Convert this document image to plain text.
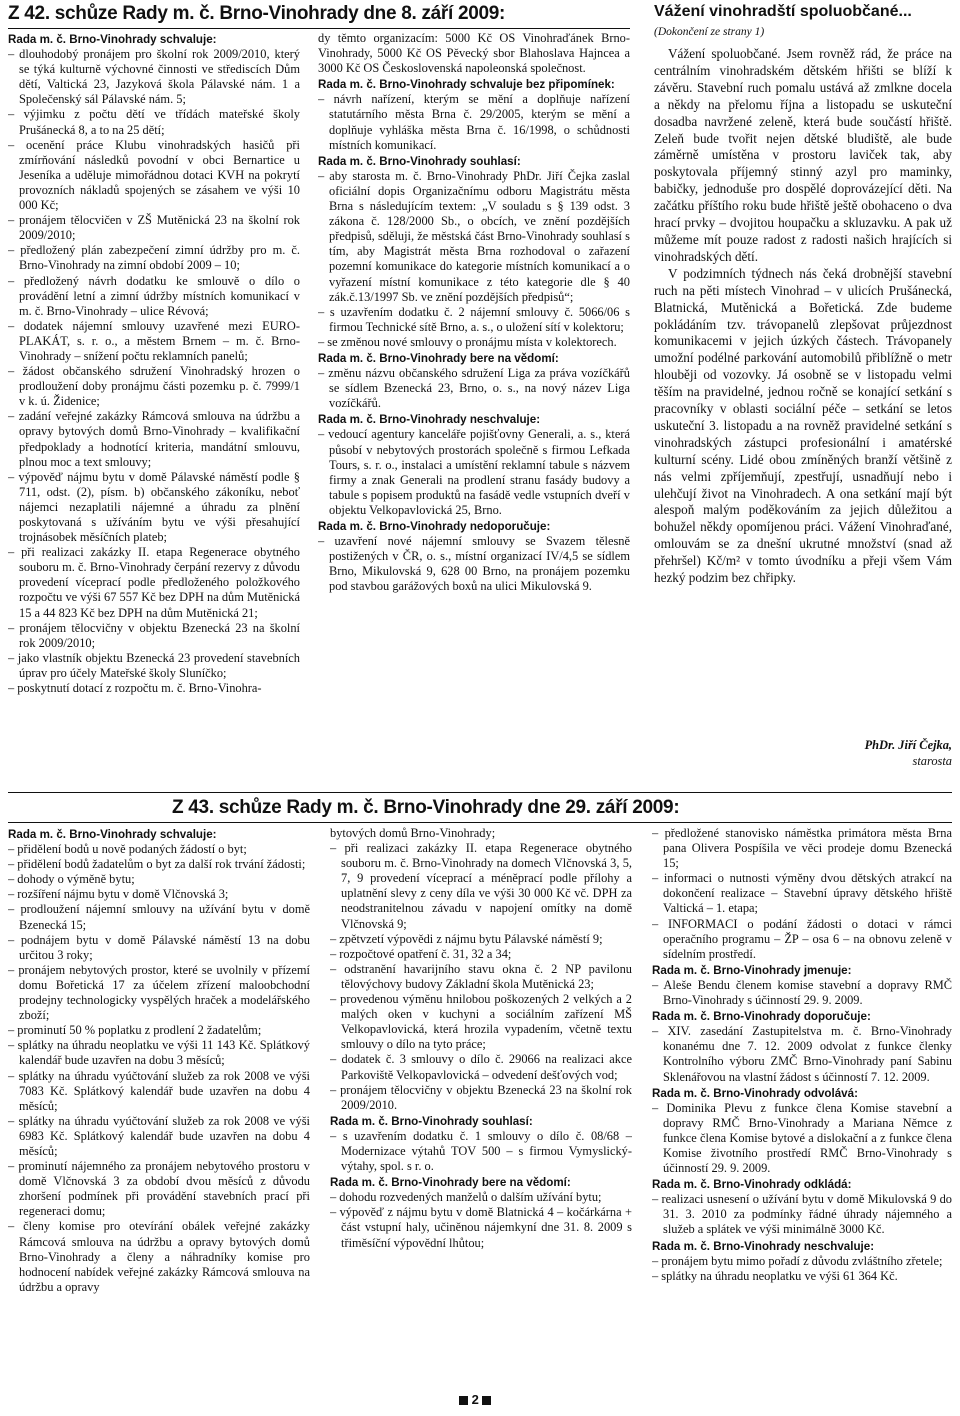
Z 42. schůze Rady m. č. Brno-Vinohrady dne 8. září 2009:

Rada m. č. Brno-Vinohrady schvaluje:

– dlouhodobý pronájem pro školní rok 2009/2010, který se týká kulturně výchovné činnosti ve střediscích Dům dětí, Valtická 23, Jazyková škola Pálavské nám. 1 a Společenský sál Pálavské nám. 5;

– výjimku z počtu dětí ve třídách mateřské školy Prušánecká 8, a to na 25 dětí;

– ocenění práce Klubu vinohradských hasičů při zmírňování následků povodní v obci Bernartice u Jeseníka a uděluje mimořádnou dotaci KVH na pokrytí provozních nákladů spojených se zásahem ve výši 10 000 Kč;

– pronájem tělocvičen v ZŠ Mutěnická 23 na školní rok 2009/2010;

– předložený plán zabezpečení zimní údržby pro m. č. Brno-Vinohrady na zimní období 2009 – 10;

– předložený návrh dodatku ke smlouvě o dílo o provádění letní a zimní údržby místních komunikací v m. č. Brno-Vinohrady – ulice Révová;

– dodatek nájemní smlouvy uzavřené mezi EURO-PLAKÁT, s. r. o., a městem Brnem – m. č. Brno-Vinohrady – snížení počtu reklamních panelů;

– žádost občanského sdružení Vinohradský hrozen o prodloužení doby pronájmu části pozemku p. č. 7999/1 v k. ú. Židenice;

– zadání veřejné zakázky Rámcová smlouva na údržbu a opravy bytových domů Brno-Vinohrady – kvalifikační předpoklady a hodnotící kriteria, mandátní smlouvu, plnou moc a text smlouvy;

– výpověď nájmu bytu v domě Pálavské náměstí podle § 711, odst. (2), písm. b) občanského zákoníku, neboť nájemci nezaplatili nájemné a úhradu za plnění poskytovaná s užíváním bytu ve výši přesahující trojnásobek měsíčních plateb;

– při realizaci zakázky II. etapa Regenerace obytného souboru m. č. Brno-Vinohrady čerpání rezervy z důvodu provedení víceprací podle předloženého položkového rozpočtu ve výši 67 557 Kč bez DPH na dům Mutěnická 15 a 44 823 Kč bez DPH na dům Mutěnická 21;

– pronájem tělocvičny v objektu Bzenecká 23 na školní rok 2009/2010;

– jako vlastník objektu Bzenecká 23 provedení stavebních úprav pro účely Mateřské školy Sluníčko;

– poskytnutí dotací z rozpočtu m. č. Brno-Vinohra-

dy těmto organizacím: 5000 Kč OS Vinohraďánek Brno-Vinohrady, 5000 Kč OS Pěvecký sbor Blahoslava Hajncea a 3000 Kč OS Československá napoleonská společnost.

Rada m. č. Brno-Vinohrady schvaluje bez připomínek:

– návrh nařízení, kterým se mění a doplňuje nařízení statutárního města Brna č. 29/2005, kterým se mění a doplňuje vyhláška města Brna č. 16/1998, o schůdnosti místních komunikací.

Rada m. č. Brno-Vinohrady souhlasí:

– aby starosta m. č. Brno-Vinohrady PhDr. Jiří Čejka zaslal oficiální dopis Organizačnímu odboru Magistrátu města Brna s následujícím textem: „V souladu s § 139 odst. 3 zákona č. 128/2000 Sb., o obcích, ve znění pozdějších předpisů, sděluji, že městská část Brno-Vinohrady souhlasí s tím, aby Magistrát města Brna rozhodoval o zařazení pozemní komunikace do kategorie místních komunikací a o vyřazení místní komunikace z této kategorie dle § 40 zák.č.13/1997 Sb. ve znění pozdějších předpisů“;

– s uzavřením dodatku č. 2 nájemní smlouvy č. 5066/06 s firmou Technické sítě Brno, a. s., o uložení sítí v kolektoru;

– se změnou nové smlouvy o pronájmu místa v kolektorech.

Rada m. č. Brno-Vinohrady bere na vědomí:

– změnu názvu občanského sdružení Liga za práva vozíčkářů se sídlem Bzenecká 23, Brno, o. s., na nový název Liga vozíčkářů.

Rada m. č. Brno-Vinohrady neschvaluje:

– vedoucí agentury kanceláře pojišťovny Generali, a. s., která působí v nebytových prostorách společně s firmou Lefkada Tours, s. r. o., instalaci a umístění reklamní tabule s názvem firmy a znak Generali na prodlení stranu fasády budovy a tabule s popisem produktů na fasádě vedle vstupních dveří v objektu Velkopavlovická 25, Brno.

Rada m. č. Brno-Vinohrady nedoporučuje:

– uzavření nové nájemní smlouvy se Svazem tělesně postižených v ČR, o. s., místní organizací IV/4,5 se sídlem Brno, Mikulovská 9, 628 00 Brno, na pronájem pozemku pod stavbou garážových boxů na ulici Mikulovská 9.

Vážení vinohradští spoluobčané...
(Dokončení ze strany 1)

Vážení spoluobčané. Jsem rovněž rád, že práce na centrálním vinohradském dětském hřišti se blíží k závěru. Stavební ruch pomalu ustává až zmlkne docela a někdy na přelomu října a listopadu se uskuteční dosadba navržené zeleně, která bude součástí hřiště. Zeleň bude tvořit nejen dětské bludiště, ale bude záměrně umístěna v prostoru laviček tak, aby poskytovala příjemný stinný azyl pro maminky, babičky, jednoduše pro dospělé doprovázející děti. Na začátku příštího roku bude hřiště ještě obohaceno o dva hrací prvky – dvojitou houpačku a skluzavku. A pak už můžeme mít pouze radost z radosti našich hrajících si vinohradských dětí.

V podzimních týdnech nás čeká drobnější stavební ruch na pěti místech Vinohrad – v ulicích Prušánecká, Blatnická, Mutěnická a Bořetická. Zde budeme pokládáním tzv. trávopanelů zlepšovat průjezdnost komunikacemi v jejich úzkých částech. Trávopanely umožní podélné parkování automobilů přiblížně o metr hlouběji od vozovky. Já osobně se v listopadu velmi těším na pravidelné, jednou ročně se konající setkání s pracovníky v oblasti sociální péče – setkání se letos uskuteční 3. listopadu a na rovněž pravidelné setkání s vinohradských zástupci profesionální i amatérské kulturní scény. Lidé obou zmíněných branží většině z nás velmi zpříjemňují, zpestřují, usnadňují nebo i ulehčují život na Vinohradech. A ona setkání mají být alespoň malým poděkováním za jejich důležitou a bohužel někdy opomíjenou práci. Vážení Vinohraďané, omlouvám se za dnešní ukrutné množství (snad až přehršel) Kč/m² v tomto úvodníku a přeji všem Vám hezký podzim bez chřipky.

PhDr. Jiří Čejka,
starosta
Z 43. schůze Rady m. č. Brno-Vinohrady dne 29. září 2009:

Rada m. č. Brno-Vinohrady schvaluje:

– přidělení bodů u nově podaných žádostí o byt;

– přidělení bodů žadatelům o byt za další rok trvání žádosti;

– dohody o výměně bytu;

– rozšíření nájmu bytu v domě Vlčnovská 3;

– prodloužení nájemní smlouvy na užívání bytu v domě Bzenecká 15;

– podnájem bytu v domě Pálavské náměstí 13 na dobu určitou 3 roky;

– pronájem nebytových prostor, které se uvolnily v přízemí domu Bořetická 17 za účelem zřízení maloobchodní prodejny technologicky vyspělých hraček a modelářského zboží;

– prominutí 50 % poplatku z prodlení 2 žadatelům;

– splátky na úhradu neoplatku ve výši 11 143 Kč. Splátkový kalendář bude uzavřen na dobu 3 měsíců;

– splátky na úhradu vyúčtování služeb za rok 2008 ve výši 7083 Kč. Splátkový kalendář bude uzavřen na dobu 4 měsíců;

– splátky na úhradu vyúčtování služeb za rok 2008 ve výši 6983 Kč. Splátkový kalendář bude uzavřen na dobu 4 měsíců;

– prominutí nájemného za pronájem nebytového prostoru v domě Vlčnovská 3 za období dvou měsíců z důvodu zhoršení podmínek při provádění stavebních prací při regeneraci domu;

– členy komise pro otevírání obálek veřejné zakázky Rámcová smlouva na údržbu a opravy bytových domů Brno-Vinohrady a členy a náhradníky komise pro hodnocení nabídek veřejné zakázky Rámcová smlouva na údržbu a opravy

bytových domů Brno-Vinohrady;

– při realizaci zakázky II. etapa Regenerace obytného souboru m. č. Brno-Vinohrady na domech Vlčnovská 3, 5, 7, 9 provedení víceprací a méněprací podle přílohy a uplatnění slevy z ceny díla ve výši 30 000 Kč vč. DPH za neodstranitelnou závadu v napojení omítky na domě Vlčnovská 9;

– zpětvzetí výpovědi z nájmu bytu Pálavské náměstí 9;

– rozpočtové opatření č. 31, 32 a 34;

– odstranění havarijního stavu okna č. 2 NP pavilonu tělovýchovy budovy Základní škola Mutěnická 23;

– provedenou výměnu hnilobou poškozených 2 velkých a 2 malých oken v kuchyni a sociálním zařízení MŠ Velkopavlovická, která hrozila vypadením, včetně textu smlouvy o dílo na tyto práce;

– dodatek č. 3 smlouvy o dílo č. 29066 na realizaci akce Parkoviště Velkopavlovická – odvedení dešťových vod;

– pronájem tělocvičny v objektu Bzenecká 23 na školní rok 2009/2010.

Rada m. č. Brno-Vinohrady souhlasí:

– s uzavřením dodatku č. 1 smlouvy o dílo č. 08/68 – Modernizace výtahů TOV 500 – s firmou Vymyslický-výtahy, spol. s r. o.

Rada m. č. Brno-Vinohrady bere na vědomí:

– dohodu rozvedených manželů o dalším užívání bytu;

– výpověď z nájmu bytu v domě Blatnická 4 – kočárkárna + část vstupní haly, učiněnou nájemkyní dne 31. 8. 2009 s třiměsíční výpovědní lhůtou;

– předložené stanovisko náměstka primátora města Brna pana Olivera Pospíšila ve věci prodeje domu Bzenecká 15;

– informaci o nutnosti výměny dvou dětských atrakcí na dokončení realizace – Stavební úpravy dětského hřiště Valtická – 1. etapa;

– INFORMACI o podání žádosti o dotaci v rámci operačního programu – ŽP – osa 6 – na obnovu zeleně v sídelním prostředí.

Rada m. č. Brno-Vinohrady jmenuje:

– Aleše Bendu členem komise stavební a dopravy RMČ Brno-Vinohrady s účinností 29. 9. 2009.

Rada m. č. Brno-Vinohrady doporučuje:

– XIV. zasedání Zastupitelstva m. č. Brno-Vinohrady konanému dne 7. 12. 2009 odvolat z funkce členky Kontrolního výboru ZMČ Brno-Vinohrady paní Sabinu Sklenářovou na vlastní žádost s účinností 7. 12. 2009.

Rada m. č. Brno-Vinohrady odvolává:

– Dominika Plevu z funkce člena Komise stavební a dopravy RMČ Brno-Vinohrady a Mariana Němce z funkce člena Komise bytové a dislokační a z funkce člena Komise životního prostředí RMČ Brno-Vinohrady s účinností 29. 9. 2009.

Rada m. č. Brno-Vinohrady odkládá:

– realizaci usnesení o užívání bytu v domě Mikulovská 9 do 31. 3. 2010 za podmínky řádné úhrady nájemného a služeb a splátek ve výši minimálně 3000 Kč.

Rada m. č. Brno-Vinohrady neschvaluje:

– pronájem bytu mimo pořadí z důvodu zvláštního zřetele;

– splátky na úhradu neoplatku ve výši 61 364 Kč.

2
